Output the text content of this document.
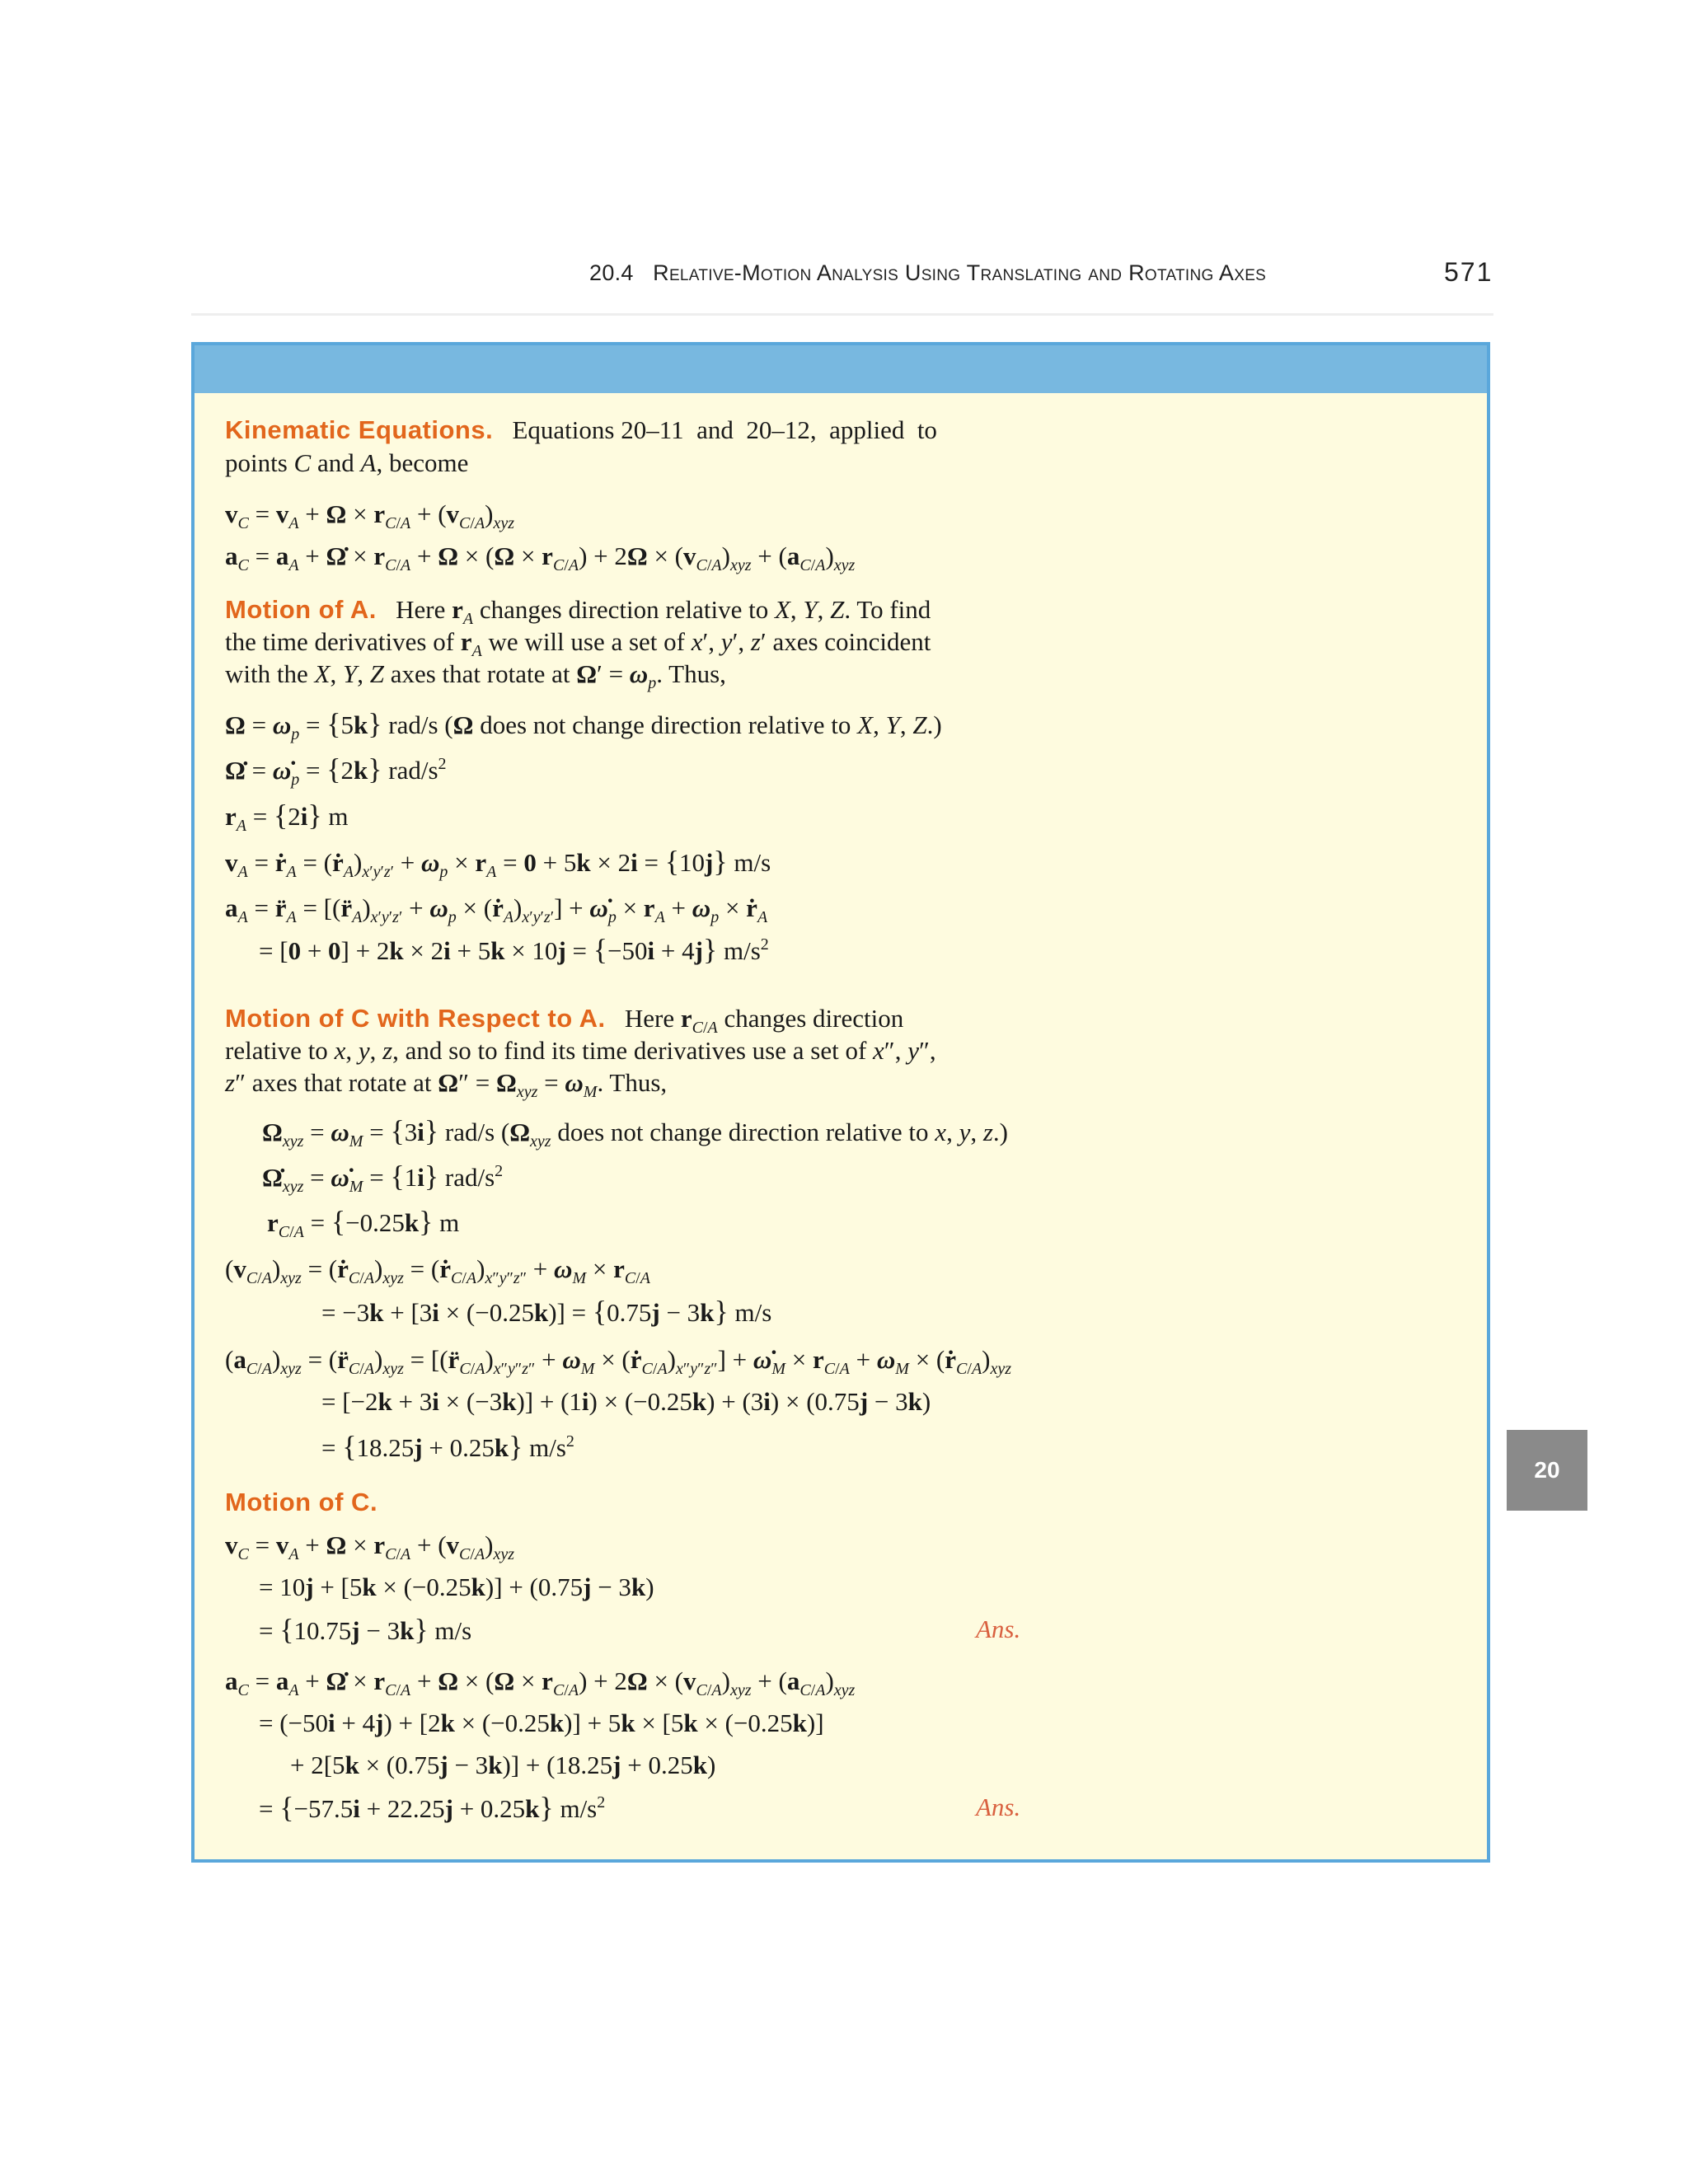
20.4 Relative-Motion Analysis Using Translating and Rotating Axes	571
20
Kinematic Equations.   Equations 20–11  and  20–12,  applied  to
points C and A, become
$v_C = v_A + \Omega \times r_{C/A} + (v_{C/A})_{xyz}$
$a_C = a_A$ + Ω̇ × $r_{C/A} + \Omega \times (\Omega \times r_{C/A}) + 2\Omega \times (v_{C/A})_{xyz} + (a_{C/A})_{xyz}$
Motion of A.   Here $r_A$ changes direction relative to X, Y, Z. To find
the time derivatives of $r_A$ we will use a set of x′, y′, z′ axes coincident
with the X, Y, Z axes that rotate at $\Omega' = \omega_p$. Thus,
$\Omega = \omega_p = \{5k\}$ rad/s (Ω does not change direction relative to X, Y, Z.)
Ω̇ = $\omegȧ_p = \{2k\}$ rad/$s^2$
$r_A = \{2i\}$ m
$v_A$ = ṙ$_A$ = $(ṙ_A)_{x'y'z'} + \omega_p \times r_A = 0 + 5k \times 2i = \{10j\}$ m/s
$a_A$ = $r̈_A$ = [$(r̈_A)_{x'y'z'} + \omega_p$ × $(ṙ_A)_{x'y'z'}$] + $\omegȧ_p \times r_A + \omega_p$ × ṙ$_A$
= [0 + 0] + 2k × 2i + 5k × 10j = {−50i + 4j} $m/s^2$
Motion of C with Respect to A.   Here $r_{C/A}$ changes direction
relative to x, y, z, and so to find its time derivatives use a set of x″, y″,
z″ axes that rotate at $\Omega'' = \Omega_{xyz} = \omega_M$. Thus,
$\Omega_{xyz} = \omega_M = \{3i\}$ rad/s ($\Omega_{xyz}$ does not change direction relative to x, y, z.)
$\Omegȧ_{xyz}$ = $\omegȧ_M = \{1i\}$ rad/$s^2$
$r_{C/A} = \{-0.25k\}$ m
$(v_{C/A})_{xyz}$ = $(ṙ_{C/A})_{xyz}$ = $(ṙ_{C/A})_{x''y''z''} + \omega_M \times r_{C/A}$
= −3k + [3i × (−0.25k)] = {0.75j − 3k} m/s
$(a_{C/A})_{xyz}$ = $(r̈_{C/A})_{xyz}$ = [$(r̈_{C/A})_{x''y''z''} + \omega_M$ × $(ṙ_{C/A})_{x''y''z''}$] + $\omegȧ_M \times r_{C/A} + \omega_M$ × $(ṙ_{C/A})_{xyz}$
= [−2k + 3i × (−3k)] + (1i) × (−0.25k) + (3i) × (0.75j − 3k)
= {18.25j + 0.25k} $m/s^2$
Motion of C.
$v_C = v_A + \Omega \times r_{C/A} + (v_{C/A})_{xyz}$
= 10j + [5k × (−0.25k)] + (0.75j − 3k)
= {10.75j − 3k} m/s	Ans.
$a_C = a_A$ + Ω̇ × $r_{C/A} + \Omega \times (\Omega \times r_{C/A}) + 2\Omega \times (v_{C/A})_{xyz} + (a_{C/A})_{xyz}$
= (−50i + 4j) + [2k × (−0.25k)] + 5k × [5k × (−0.25k)]
+ 2[5k × (0.75j − 3k)] + (18.25j + 0.25k)
= {−57.5i + 22.25j + 0.25k} $m/s^2$	Ans.
